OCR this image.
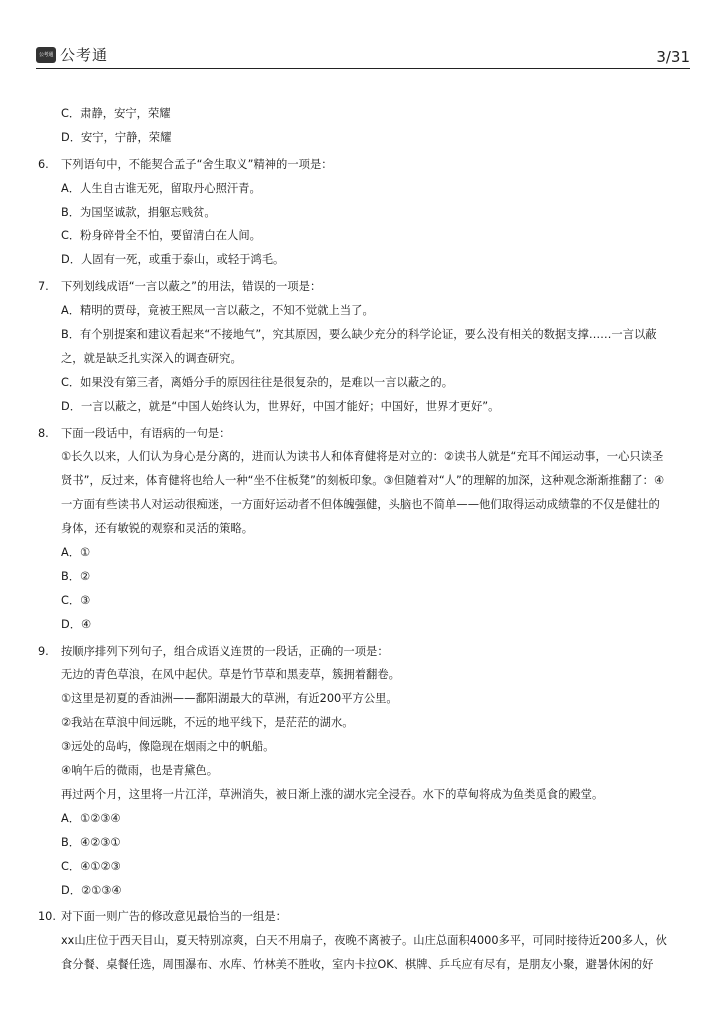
公考通 公考通	3/31
C．肃静，安宁，荣耀
D．安宁，宁静，荣耀
6. 下列语句中，不能契合孟子“舍生取义”精神的一项是：
A．人生自古谁无死，留取丹心照汗青。
B．为国坚诚款，捐躯忘贱贫。
C．粉身碎骨全不怕，要留清白在人间。
D．人固有一死，或重于泰山，或轻于鸿毛。
7. 下列划线成语“一言以蔽之”的用法，错误的一项是：
A．精明的贾母，竟被王熙凤一言以蔽之，不知不觉就上当了。
B．有个别提案和建议看起来“不接地气”，究其原因，要么缺少充分的科学论证，要么没有相关的数据支撑……一言以蔽
之，就是缺乏扎实深入的调查研究。
C．如果没有第三者，离婚分手的原因往往是很复杂的，是难以一言以蔽之的。
D．一言以蔽之，就是“中国人始终认为，世界好，中国才能好；中国好，世界才更好”。
8. 下面一段话中，有语病的一句是：
①长久以来，人们认为身心是分离的，进而认为读书人和体育健将是对立的：②读书人就是“充耳不闻运动事，一心只读圣
贤书”，反过来，体育健将也给人一种“坐不住板凳”的刻板印象。③但随着对“人”的理解的加深，这种观念渐渐推翻了：④
一方面有些读书人对运动很痴迷，一方面好运动者不但体魄强健，头脑也不简单——他们取得运动成绩靠的不仅是健壮的
身体，还有敏锐的观察和灵活的策略。
A．①
B．②
C．③
D．④
9. 按顺序排列下列句子，组合成语义连贯的一段话，正确的一项是：
无边的青色草浪，在风中起伏。草是竹节草和黑麦草，簇拥着翻卷。
①这里是初夏的香油洲——鄱阳湖最大的草洲，有近200平方公里。
②我站在草浪中间远眺，不远的地平线下，是茫茫的湖水。
③远处的岛屿，像隐现在烟雨之中的帆船。
④响午后的微雨，也是青黛色。
再过两个月，这里将一片江洋，草洲消失，被日渐上涨的湖水完全浸吞。水下的草甸将成为鱼类觅食的殿堂。
A．①②③④
B．④②③①
C．④①②③
D．②①③④
10. 对下面一则广告的修改意见最恰当的一组是：
xx山庄位于西天目山，夏天特别凉爽，白天不用扇子，夜晚不离被子。山庄总面积4000多平，可同时接待近200多人，伙
食分餐、桌餐任选，周围瀑布、水库、竹林美不胜收，室内卡拉OK、棋牌、乒乓应有尽有，是朋友小聚，避暑休闲的好
